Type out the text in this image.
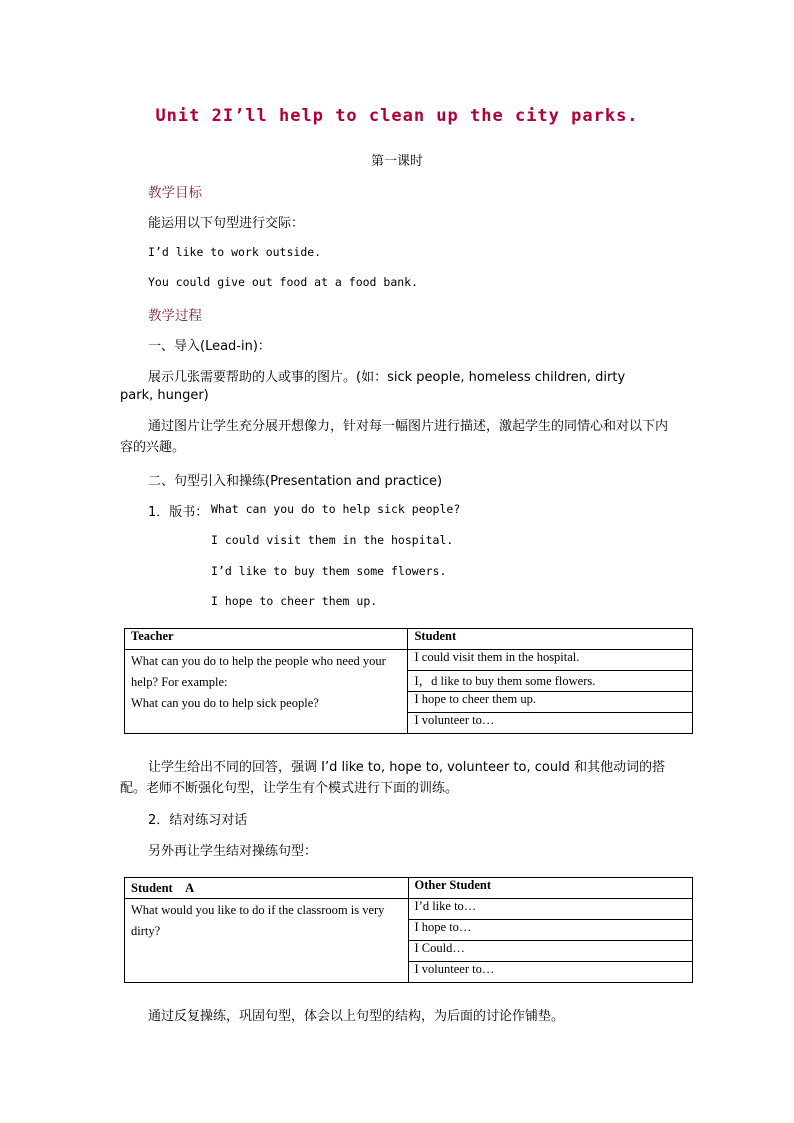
Unit 2I’ll help to clean up the city parks.
第一课时
教学目标
能运用以下句型进行交际：
I’d like to work outside.
You could give out food at a food bank.
教学过程
一、导入(Lead-in)：
展示几张需要帮助的人或事的图片。(如：sick people, homeless children, dirty
park, hunger)
通过图片让学生充分展开想像力，针对每一幅图片进行描述，激起学生的同情心和对以下内容的兴趣。
二、句型引入和操练(Presentation and practice)
1．版书： What can you do to help sick people?
I could visit them in the hospital.
I’d like to buy them some flowers.
I hope to cheer them up.
Teacher	Student

What can you do to help the people who need your help? For example:
What can you do to help sick people?	I could visit them in the hospital.
	I，d like to buy them some flowers.
	I hope to cheer them up.
	I volunteer to…
让学生给出不同的回答，强调 I’d like to, hope to, volunteer to, could 和其他动词的搭配。老师不断强化句型，让学生有个模式进行下面的训练。
2．结对练习对话
另外再让学生结对操练句型：
Student　A	Other Student
What would you like to do if the classroom is very dirty?	I’d like to…
	I hope to…
	I Could…
	I volunteer to…
通过反复操练，巩固句型，体会以上句型的结构，为后面的讨论作铺垫。
